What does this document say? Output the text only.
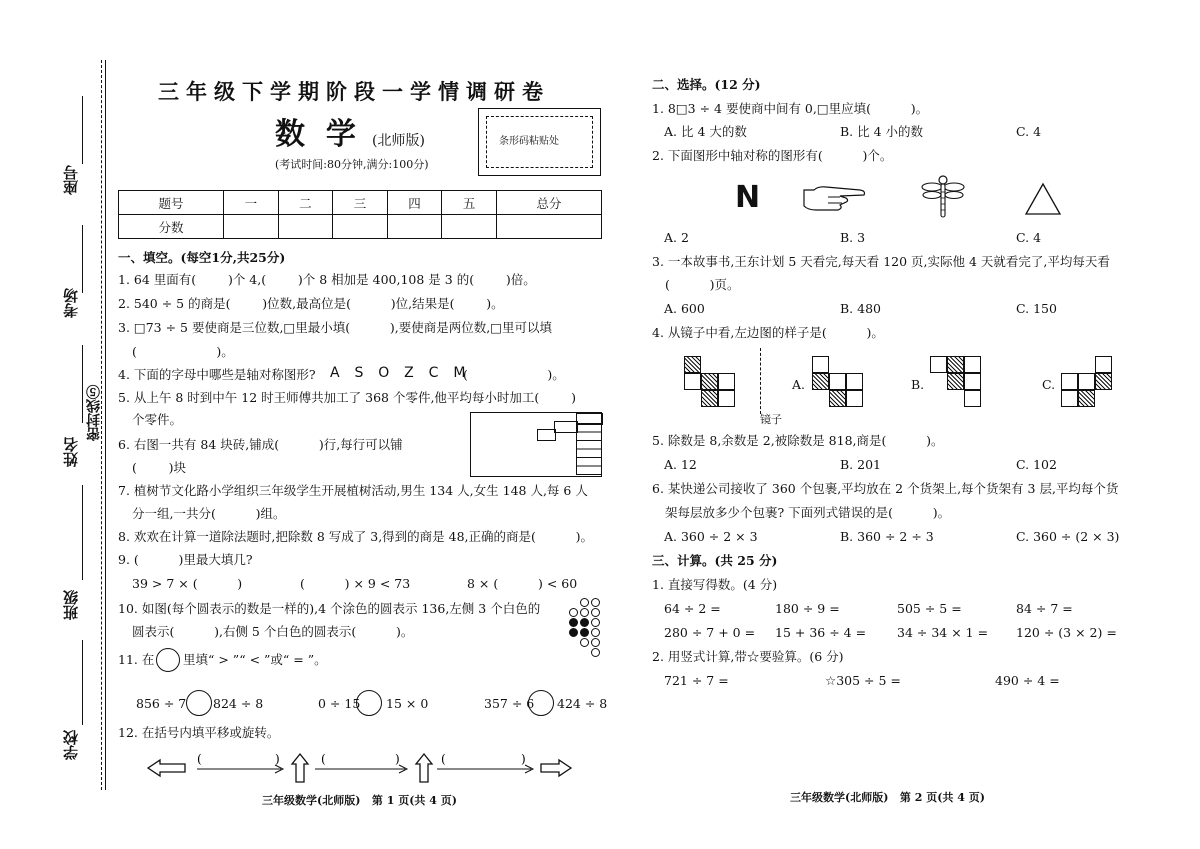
座号
考场
密封线⑤
姓名
班级
学校
三年级下学期阶段一学情调研卷
数  学 (北师版)
(考试时间:80分钟,满分:100分)
条形码粘贴处
题号	一	二	三	四	五	总分
分数						
一、填空。(每空1分,共25分)
1. 64 里面有(        )个 4,(        )个 8 相加是 400,108 是 3 的(        )倍。
2. 540 ÷ 5 的商是(        )位数,最高位是(          )位,结果是(        )。
3. □73 ÷ 5 要使商是三位数,□里最小填(          ),要使商是两位数,□里可以填
(                    )。
4. 下面的字母中哪些是轴对称图形? A  S  O  Z  C  M
(                    )。
5. 从上午 8 时到中午 12 时王师傅共加工了 368 个零件,他平均每小时加工(        )
个零件。
6. 右图一共有 84 块砖,铺成(          )行,每行可以铺
(        )块
7. 植树节文化路小学组织三年级学生开展植树活动,男生 134 人,女生 148 人,每 6 人
分一组,一共分(          )组。
8. 欢欢在计算一道除法题时,把除数 8 写成了 3,得到的商是 48,正确的商是(          )。
9. (          )里最大填几?
39 > 7 × (          )	(          ) × 9 < 73	8 × (          ) < 60
10. 如图(每个圆表示的数是一样的),4 个涂色的圆表示 136,左侧 3 个白色的
圆表示(          ),右侧 5 个白色的圆表示(          )。
11. 在 里填“ > ”“ < ”或“ = ”。
856 ÷ 7 824 ÷ 8	0 ÷ 15 15 × 0	357 ÷ 6 424 ÷ 8
12. 在括号内填平移或旋转。
(	)	(	)	(	)
三年级数学(北师版)   第 1 页(共 4 页)
二、选择。(12 分)
1. 8□3 ÷ 4 要使商中间有 0,□里应填(          )。
A. 比 4 大的数	B. 比 4 小的数	C. 4
2. 下面图形中轴对称的图形有(          )个。
N
A. 2	B. 3	C. 4
3. 一本故事书,王东计划 5 天看完,每天看 120 页,实际他 4 天就看完了,平均每天看
(          )页。
A. 600	B. 480	C. 150
4. 从镜子中看,左边图的样子是(          )。
镜子
A.	B.	C.
5. 除数是 8,余数是 2,被除数是 818,商是(          )。
A. 12	B. 201	C. 102
6. 某快递公司接收了 360 个包裹,平均放在 2 个货架上,每个货架有 3 层,平均每个货
架每层放多少个包裹? 下面列式错误的是(          )。
A. 360 ÷ 2 × 3	B. 360 ÷ 2 ÷ 3	C. 360 ÷ (2 × 3)
三、计算。(共 25 分)
1. 直接写得数。(4 分)
64 ÷ 2 =	180 ÷ 9 =	505 ÷ 5 =	84 ÷ 7 =
280 ÷ 7 + 0 = 15 + 36 ÷ 4 = 34 ÷ 34 × 1 = 120 ÷ (3 × 2) =
2. 用竖式计算,带☆要验算。(6 分)
721 ÷ 7 =	☆305 ÷ 5 =	490 ÷ 4 =
三年级数学(北师版)   第 2 页(共 4 页)
